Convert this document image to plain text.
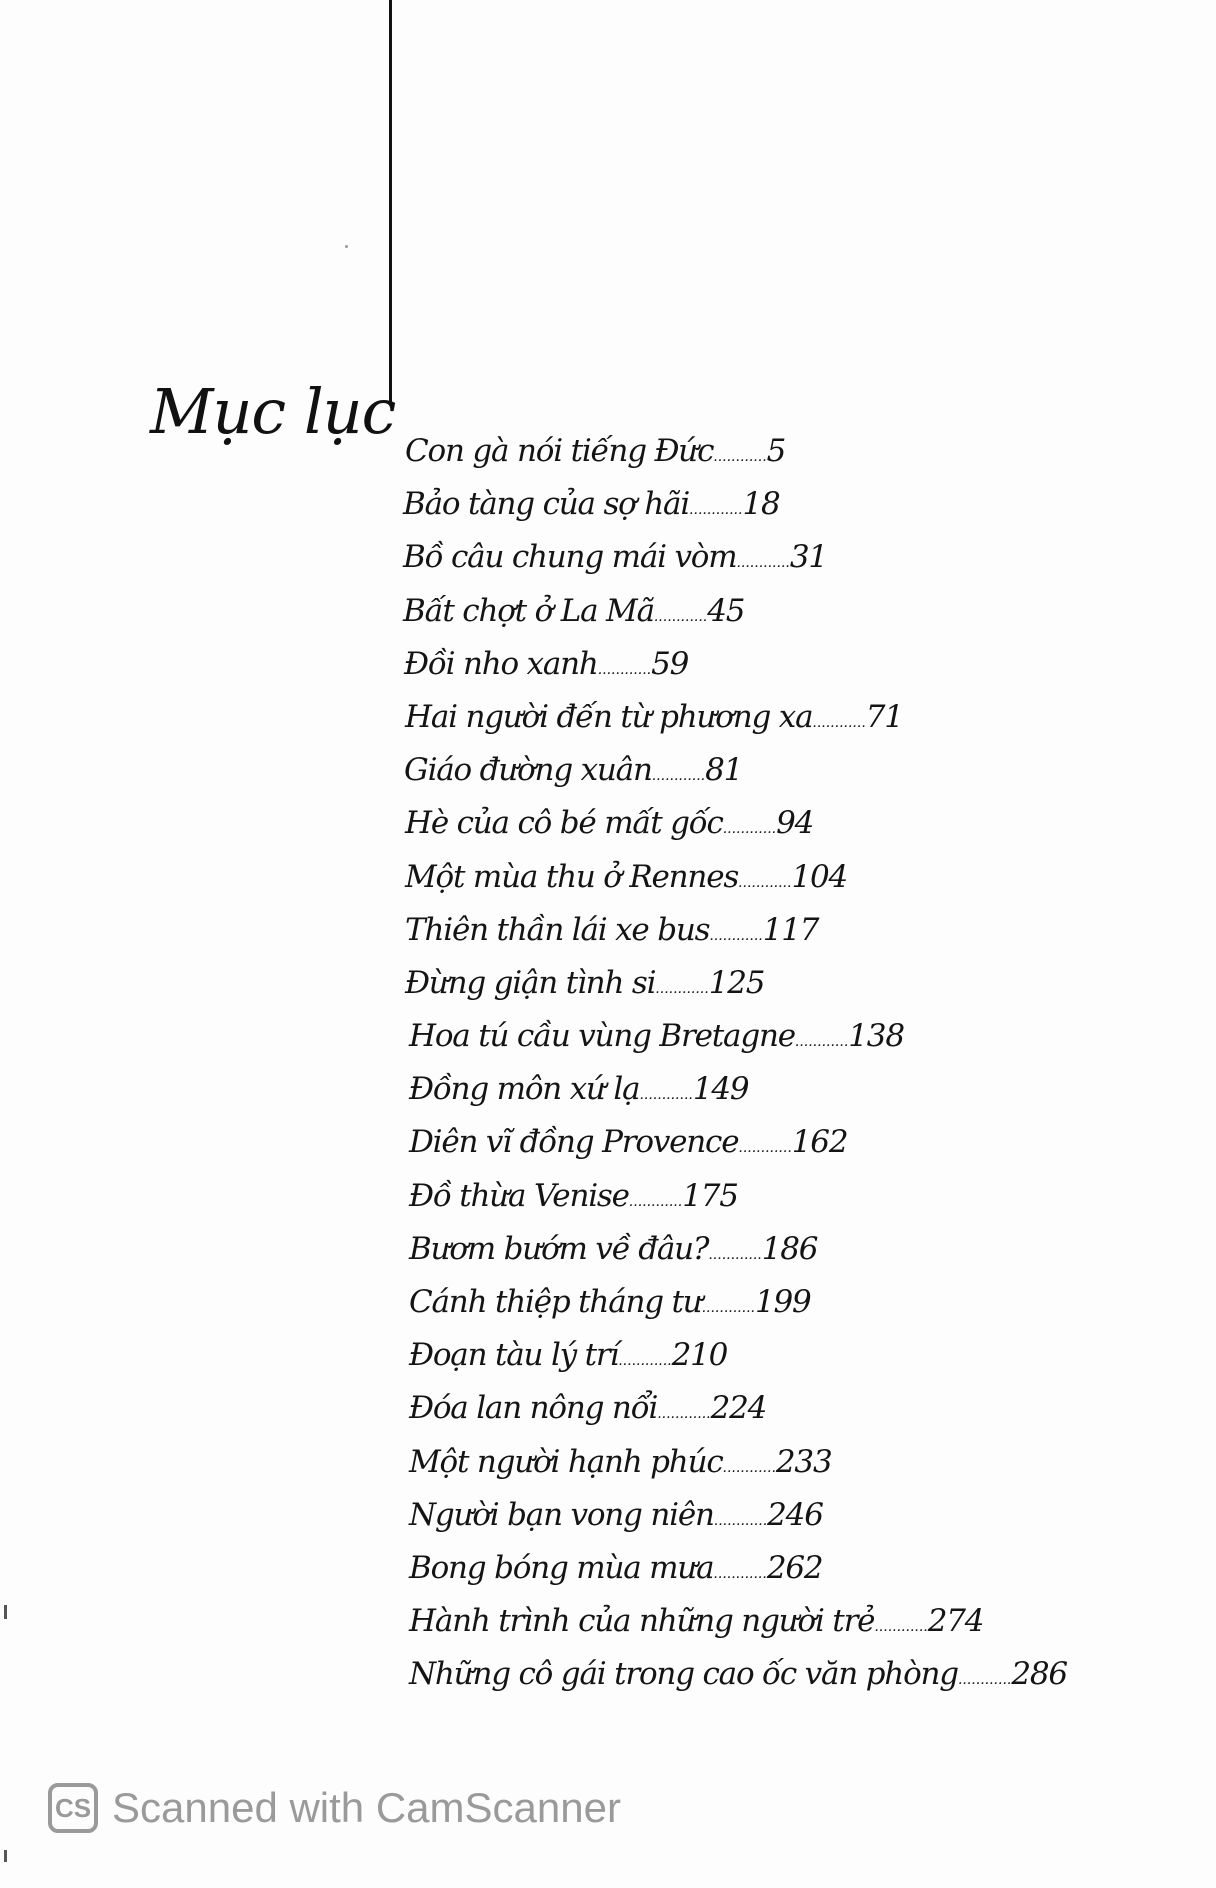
Mục lục
Con gà nói tiếng Đức............5
Bảo tàng của sợ hãi............18
Bồ câu chung mái vòm............31
Bất chợt ở La Mã............45
Đồi nho xanh............59
Hai người đến từ phương xa............71
Giáo đường xuân............81
Hè của cô bé mất gốc............94
Một mùa thu ở Rennes............104
Thiên thần lái xe bus............117
Đừng giận tình si............125
Hoa tú cầu vùng Bretagne............138
Đồng môn xứ lạ............149
Diên vĩ đồng Provence............162
Đồ thừa Venise............175
Bươm bướm về đâu?............186
Cánh thiệp tháng tư............199
Đoạn tàu lý trí............210
Đóa lan nông nổi............224
Một người hạnh phúc............233
Người bạn vong niên............246
Bong bóng mùa mưa............262
Hành trình của những người trẻ............274
Những cô gái trong cao ốc văn phòng............286
CS Scanned with CamScanner
